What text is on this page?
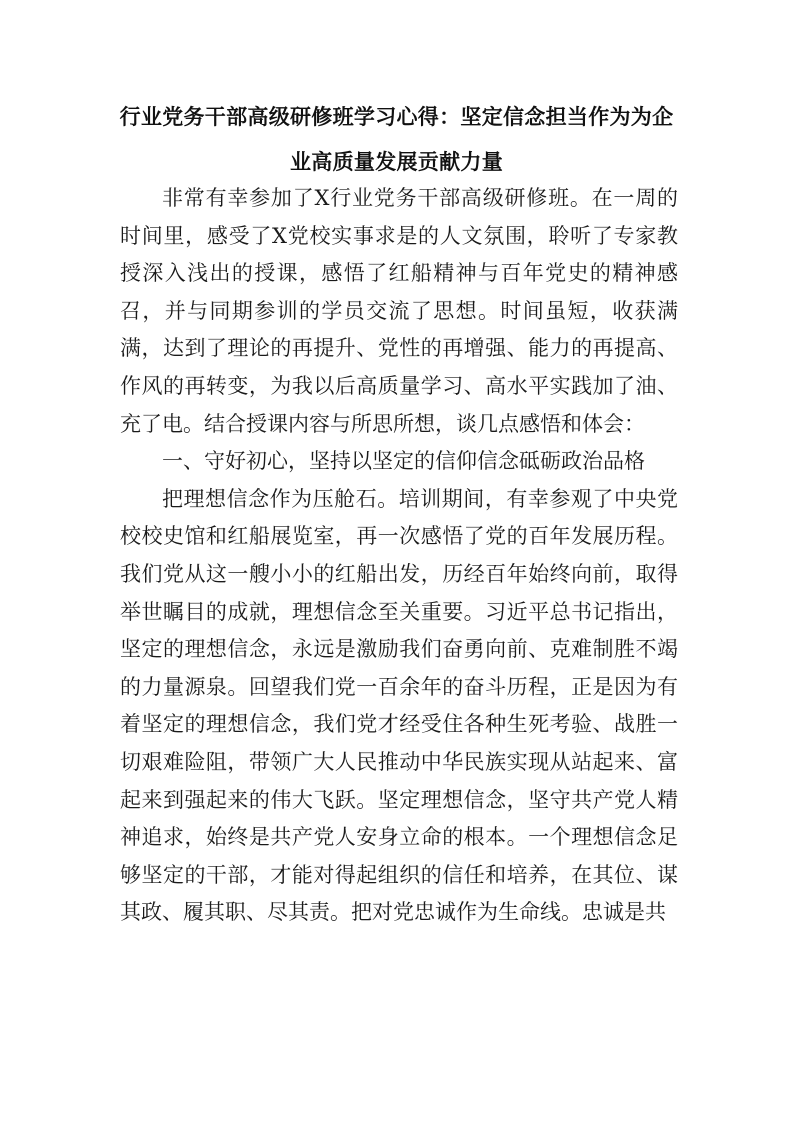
行业党务干部高级研修班学习心得：坚定信念担当作为为企
业高质量发展贡献力量

非常有幸参加了X行业党务干部高级研修班。在一周的时间里，感受了X党校实事求是的人文氛围，聆听了专家教授深入浅出的授课，感悟了红船精神与百年党史的精神感召，并与同期参训的学员交流了思想。时间虽短，收获满满，达到了理论的再提升、党性的再增强、能力的再提高、作风的再转变，为我以后高质量学习、高水平实践加了油、充了电。结合授课内容与所思所想，谈几点感悟和体会：

一、守好初心，坚持以坚定的信仰信念砥砺政治品格

把理想信念作为压舱石。培训期间，有幸参观了中央党校校史馆和红船展览室，再一次感悟了党的百年发展历程。我们党从这一艘小小的红船出发，历经百年始终向前，取得举世瞩目的成就，理想信念至关重要。习近平总书记指出，坚定的理想信念，永远是激励我们奋勇向前、克难制胜不竭的力量源泉。回望我们党一百余年的奋斗历程，正是因为有着坚定的理想信念，我们党才经受住各种生死考验、战胜一切艰难险阻，带领广大人民推动中华民族实现从站起来、富起来到强起来的伟大飞跃。坚定理想信念，坚守共产党人精神追求，始终是共产党人安身立命的根本。一个理想信念足够坚定的干部，才能对得起组织的信任和培养，在其位、谋其政、履其职、尽其责。把对党忠诚作为生命线。忠诚是共
